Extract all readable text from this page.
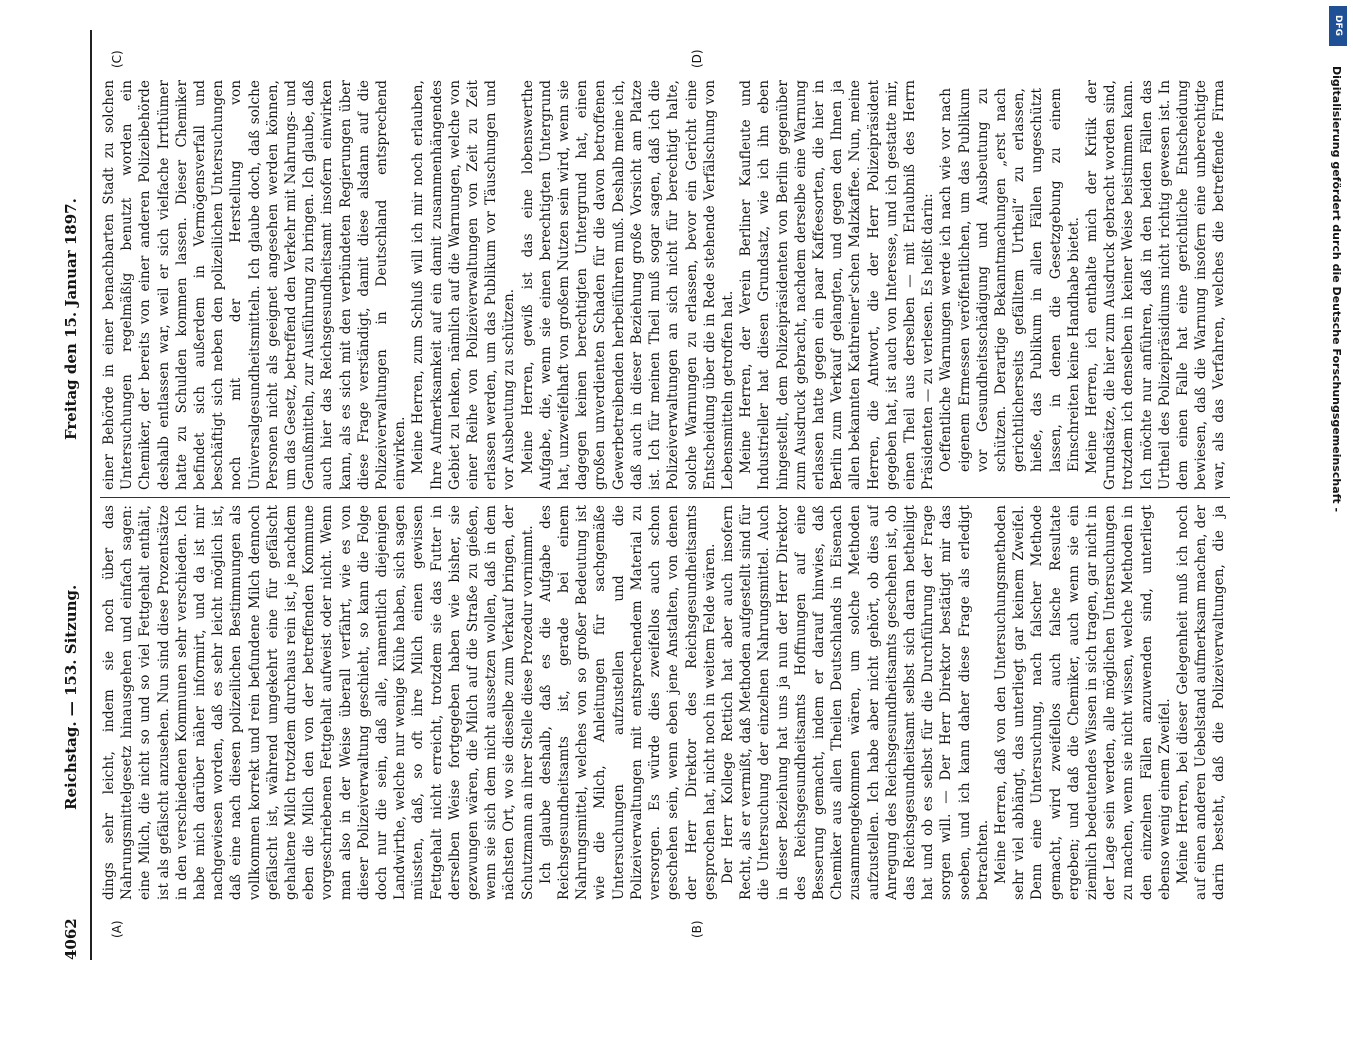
4062
Reichstag. — 153. Sitzung.
Freitag den 15. Januar 1897.
(A)	(B)
(C)	(D)

dings sehr leicht, indem sie noch über das Nahrungsmittelgesetz hinausgehen und einfach sagen: eine Milch, die nicht so und so viel Fettgehalt enthält, ist als gefälscht anzusehen. Nun sind diese Prozentsätze in den verschiedenen Kommunen sehr verschieden. Ich habe mich darüber näher informirt, und da ist mir nachgewiesen worden, daß es sehr leicht möglich ist, daß eine nach diesen polizeilichen Bestimmungen als vollkommen korrekt und rein befundene Milch dennoch gefälscht ist, während umgekehrt eine für gefälscht gehaltene Milch trotzdem durchaus rein ist, je nachdem eben die Milch den von der betreffenden Kommune vorgeschriebenen Fettgehalt aufweist oder nicht. Wenn man also in der Weise überall verfährt, wie es von dieser Polizeiverwaltung geschieht, so kann die Folge doch nur die sein, daß alle, namentlich diejenigen Landwirthe, welche nur wenige Kühe haben, sich sagen müssten, daß, so oft ihre Milch einen gewissen Fettgehalt nicht erreicht, trotzdem sie das Futter in derselben Weise fortgegeben haben wie bisher, sie gezwungen wären, die Milch auf die Straße zu gießen, wenn sie sich dem nicht aussetzen wollen, daß in dem nächsten Ort, wo sie dieselbe zum Verkauf bringen, der Schutzmann an ihrer Stelle diese Prozedur vornimmt. Ich glaube deshalb, daß es die Aufgabe des Reichsgesundheitsamts ist, gerade bei einem Nahrungsmittel, welches von so großer Bedeutung ist wie die Milch, Anleitungen für sachgemäße Untersuchungen aufzustellen und die Polizeiverwaltungen mit entsprechendem Material zu versorgen. Es würde dies zweifellos auch schon geschehen sein, wenn eben jene Anstalten, von denen der Herr Direktor des Reichsgesundheitsamts gesprochen hat, nicht noch in weitem Felde wären. Der Herr Kollege Rettich hat aber auch insofern Recht, als er vermißt, daß Methoden aufgestellt sind für die Untersuchung der einzelnen Nahrungsmittel. Auch in dieser Beziehung hat uns ja nun der Herr Direktor des Reichsgesundheitsamts Hoffnungen auf eine Besserung gemacht, indem er darauf hinwies, daß Chemiker aus allen Theilen Deutschlands in Eisenach zusammengekommen wären, um solche Methoden aufzustellen. Ich habe aber nicht gehört, ob dies auf Anregung des Reichsgesundheitsamts geschehen ist, ob das Reichsgesundheitsamt selbst sich daran betheiligt hat und ob es selbst für die Durchführung der Frage sorgen will. — Der Herr Direktor bestätigt mir das soeben, und ich kann daher diese Frage als erledigt betrachten. Meine Herren, daß von den Untersuchungsmethoden sehr viel abhängt, das unterliegt gar keinem Zweifel. Denn eine Untersuchung, nach falscher Methode gemacht, wird zweifellos auch falsche Resultate ergeben; und daß die Chemiker, auch wenn sie ein ziemlich bedeutendes Wissen in sich tragen, gar nicht in der Lage sein werden, alle möglichen Untersuchungen zu machen, wenn sie nicht wissen, welche Methoden in den einzelnen Fällen anzuwenden sind, unterliegt ebenso wenig einem Zweifel. Meine Herren, bei dieser Gelegenheit muß ich noch auf einen anderen Uebelstand aufmerksam machen, der darin besteht, daß die Polizeiverwaltungen, die ja

einer Behörde in einer benachbarten Stadt zu solchen Untersuchungen regelmäßig benutzt worden ein Chemiker, der bereits von einer anderen Polizeibehörde deshalb entlassen war, weil er sich vielfache Irrthümer hatte zu Schulden kommen lassen. Dieser Chemiker befindet sich außerdem in Vermögensverfall und beschäftigt sich neben den polizeilichen Untersuchungen noch mit der Herstellung von Universalgesundheitsmitteln. Ich glaube doch, daß solche Personen nicht als geeignet angesehen werden können, um das Gesetz, betreffend den Verkehr mit Nahrungs- und Genußmitteln, zur Ausführung zu bringen. Ich glaube, daß auch hier das Reichsgesundheitsamt insofern einwirken kann, als es sich mit den verbündeten Regierungen über diese Frage verständigt, damit diese alsdann auf die Polizeiverwaltungen in Deutschland entsprechend einwirken. Meine Herren, zum Schluß will ich mir noch erlauben, Ihre Aufmerksamkeit auf ein damit zusammenhängendes Gebiet zu lenken, nämlich auf die Warnungen, welche von einer Reihe von Polizeiverwaltungen von Zeit zu Zeit erlassen werden, um das Publikum vor Täuschungen und vor Ausbeutung zu schützen. Meine Herren, gewiß ist das eine lobenswerthe Aufgabe, die, wenn sie einen berechtigten Untergrund hat, unzweifelhaft von großem Nutzen sein wird, wenn sie dagegen keinen berechtigten Untergrund hat, einen großen unverdienten Schaden für die davon betroffenen Gewerbetreibenden herbeiführen muß. Deshalb meine ich, daß auch in dieser Beziehung große Vorsicht am Platze ist. Ich für meinen Theil muß sogar sagen, daß ich die Polizeiverwaltungen an sich nicht für berechtigt halte, solche Warnungen zu erlassen, bevor ein Gericht eine Entscheidung über die in Rede stehende Verfälschung von Lebensmitteln getroffen hat. Meine Herren, der Verein Berliner Kaufleute und Industrieller hat diesen Grundsatz, wie ich ihn eben hingestellt, dem Polizeipräsidenten von Berlin gegenüber zum Ausdruck gebracht, nachdem derselbe eine Warnung erlassen hatte gegen ein paar Kaffeesorten, die hier in Berlin zum Verkauf gelangten, und gegen den Ihnen ja allen bekannten Kathreiner'schen Malzkaffee. Nun, meine Herren, die Antwort, die der Herr Polizeipräsident gegeben hat, ist auch von Interesse, und ich gestatte mir, einen Theil aus derselben — mit Erlaubniß des Herrn Präsidenten — zu verlesen. Es heißt darin: Oeffentliche Warnungen werde ich nach wie vor nach eigenem Ermessen veröffentlichen, um das Publikum vor Gesundheitsschädigung und Ausbeutung zu schützen. Derartige Bekanntmachungen „erst nach gerichtlicherseits gefälltem Urtheil“ zu erlassen, hieße, das Publikum in allen Fällen ungeschützt lassen, in denen die Gesetzgebung zu einem Einschreiten keine Handhabe bietet. Meine Herren, ich enthalte mich der Kritik der Grundsätze, die hier zum Ausdruck gebracht worden sind, trotzdem ich denselben in keiner Weise beistimmen kann. Ich möchte nur anführen, daß in den beiden Fällen das Urtheil des Polizeipräsidiums nicht richtig gewesen ist. In dem einen Falle hat eine gerichtliche Entscheidung bewiesen, daß die Warnung insofern eine unberechtigte war, als das Verfahren, welches die betreffende Firma	Digitalisierung gefördert durch die Deutsche Forschungsgemeinschaft -
DFG
